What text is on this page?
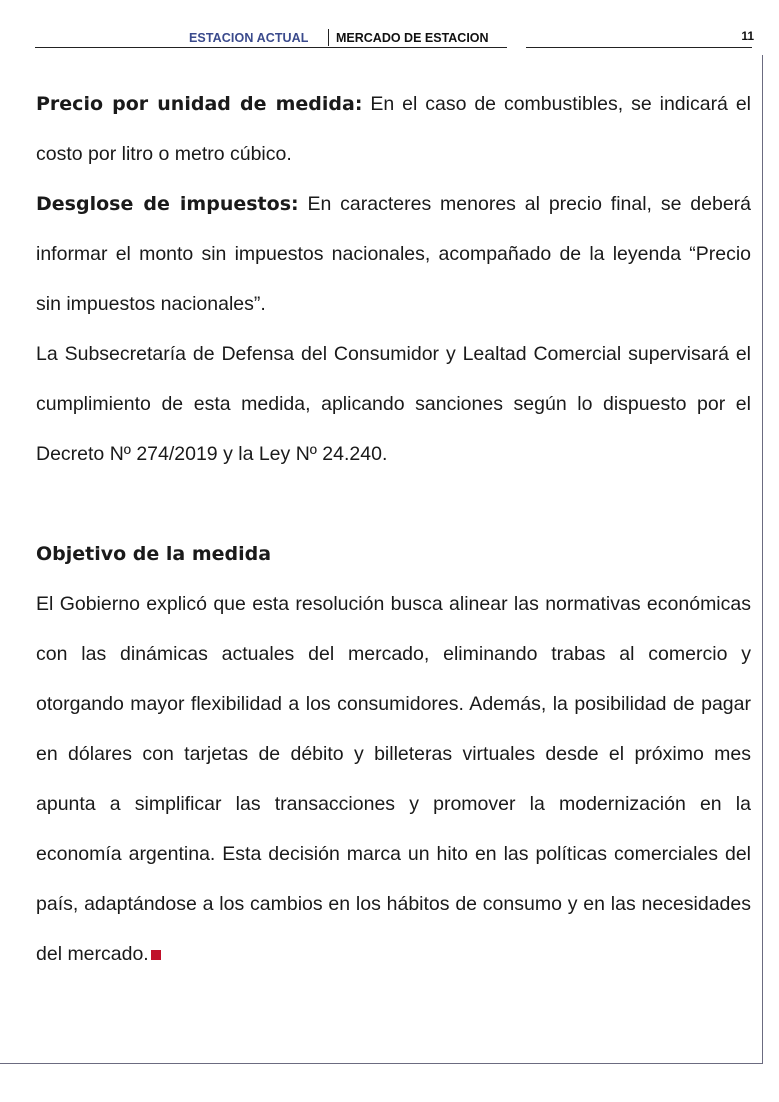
ESTACION ACTUAL	MERCADO DE ESTACION	11

Precio por unidad de medida: En el caso de combustibles, se indicará el costo por litro o metro cúbico.

Desglose de impuestos: En caracteres menores al precio final, se deberá informar el monto sin impuestos nacionales, acompañado de la leyenda “Precio sin impuestos nacionales”.

La Subsecretaría de Defensa del Consumidor y Lealtad Comercial supervisará el cumplimiento de esta medida, aplicando sanciones según lo dispuesto por el Decreto Nº 274/2019 y la Ley Nº 24.240.

Objetivo de la medida

El Gobierno explicó que esta resolución busca alinear las normativas económicas con las dinámicas actuales del mercado, eliminando trabas al comercio y otorgando mayor flexibilidad a los consumidores. Además, la posibilidad de pagar en dólares con tarjetas de débito y billeteras virtuales desde el próximo mes apunta a simplificar las transacciones y promover la modernización en la economía argentina. Esta decisión marca un hito en las políticas comerciales del país, adaptándose a los cambios en los hábitos de consumo y en las necesidades del mercado.
